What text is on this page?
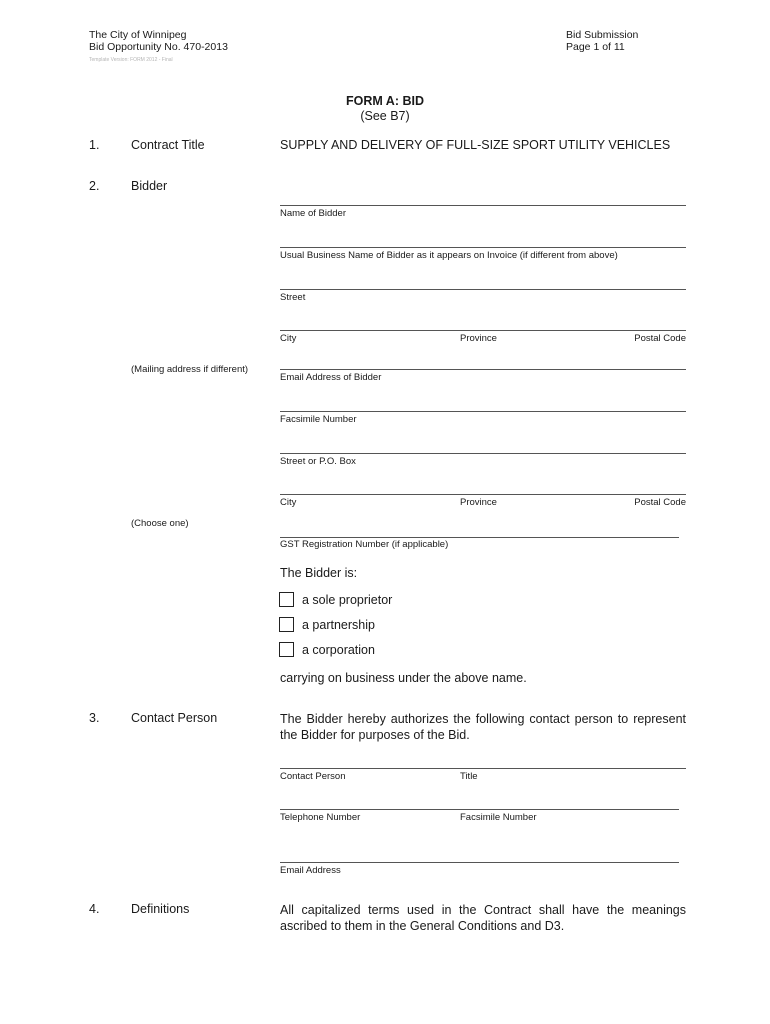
The City of Winnipeg
Bid Opportunity No. 470-2013
Template Version: FORM 2012 - Final
Bid Submission
Page 1 of 11
FORM A: BID
(See B7)
1.	Contract Title	SUPPLY AND DELIVERY OF FULL-SIZE SPORT UTILITY VEHICLES
2.	Bidder
Name of Bidder
Usual Business Name of Bidder as it appears on Invoice (if different from above)
Street
City	Province	Postal Code
(Mailing address if different)
Email Address of Bidder
Facsimile Number
Street or P.O. Box
City	Province	Postal Code
(Choose one)
GST Registration Number (if applicable)
The Bidder is:
a sole proprietor
a partnership
a corporation
carrying on business under the above name.
3.	Contact Person	The Bidder hereby authorizes the following contact person to represent the Bidder for purposes of the Bid.
Contact Person	Title
Telephone Number	Facsimile Number
Email Address
4.	Definitions	All capitalized terms used in the Contract shall have the meanings ascribed to them in the General Conditions and D3.
